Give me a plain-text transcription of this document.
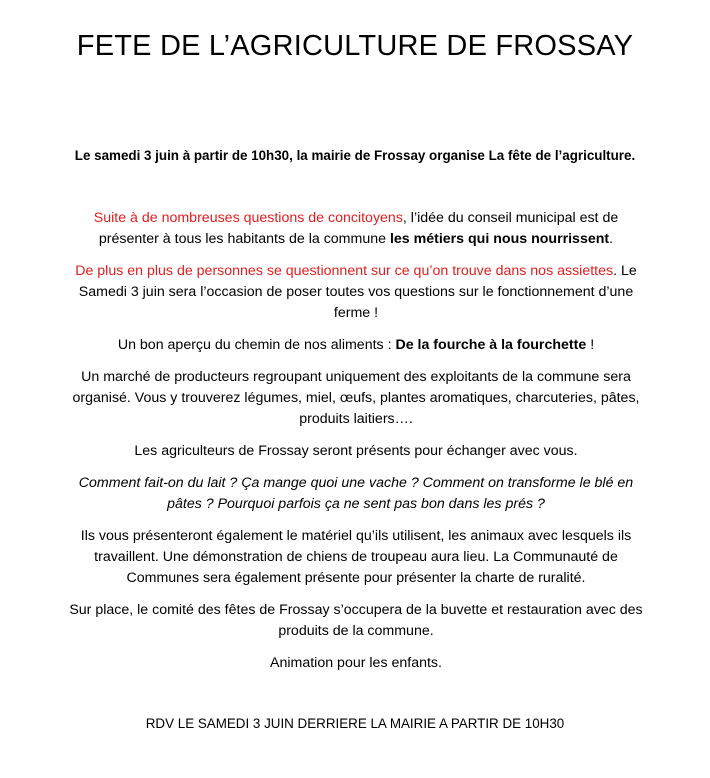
FETE DE L’AGRICULTURE DE FROSSAY
Le samedi 3 juin à partir de 10h30, la mairie de Frossay organise La fête de l’agriculture.

Suite à de nombreuses questions de concitoyens, l’idée du conseil municipal est de présenter à tous les habitants de la commune les métiers qui nous nourrissent.

De plus en plus de personnes se questionnent sur ce qu’on trouve dans nos assiettes. Le Samedi 3 juin sera l’occasion de poser toutes vos questions sur le fonctionnement d’une ferme !

Un bon aperçu du chemin de nos aliments : De la fourche à la fourchette !

Un marché de producteurs regroupant uniquement des exploitants de la commune sera organisé. Vous y trouverez légumes, miel, œufs, plantes aromatiques, charcuteries, pâtes, produits laitiers….

Les agriculteurs de Frossay seront présents pour échanger avec vous.

Comment fait-on du lait ? Ça mange quoi une vache ? Comment on transforme le blé en pâtes ? Pourquoi parfois ça ne sent pas bon dans les prés ?

Ils vous présenteront également le matériel qu’ils utilisent, les animaux avec lesquels ils travaillent. Une démonstration de chiens de troupeau aura lieu. La Communauté de Communes sera également présente pour présenter la charte de ruralité.

Sur place, le comité des fêtes de Frossay s’occupera de la buvette et restauration avec des produits de la commune.

Animation pour les enfants.

RDV LE SAMEDI 3 JUIN DERRIERE LA MAIRIE A PARTIR DE 10H30
